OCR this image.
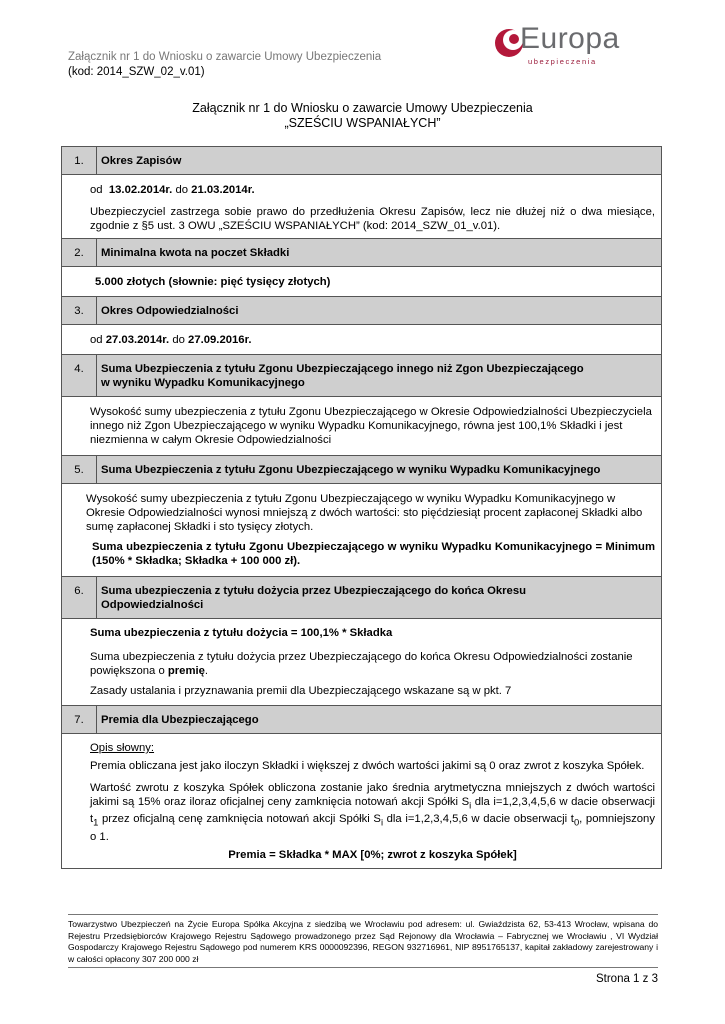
Załącznik nr 1 do Wniosku o zawarcie Umowy Ubezpieczenia
(kod: 2014_SZW_02_v.01)
Europa
ubezpieczenia
Załącznik nr 1 do Wniosku o zawarcie Umowy Ubezpieczenia
„SZEŚCIU WSPANIAŁYCH”
1.	Okres Zapisów

od 13.02.2014r. do 21.03.2014r.

Ubezpieczyciel zastrzega sobie prawo do przedłużenia Okresu Zapisów, lecz nie dłużej niż o dwa miesiące, zgodnie z §5 ust. 3 OWU „SZEŚCIU WSPANIAŁYCH” (kod: 2014_SZW_01_v.01).	

2.	Minimalna kwota na poczet Składki

5.000 złotych (słownie: pięć tysięcy złotych)	

3.	Okres Odpowiedzialności

od 27.03.2014r. do 27.09.2016r.	

4.	Suma Ubezpieczenia z tytułu Zgonu Ubezpieczającego innego niż Zgon Ubezpieczającego
w wyniku Wypadku Komunikacyjnego

Wysokość sumy ubezpieczenia z tytułu Zgonu Ubezpieczającego w Okresie Odpowiedzialności Ubezpieczyciela innego niż Zgon Ubezpieczającego w wyniku Wypadku Komunikacyjnego, równa jest 100,1% Składki i jest niezmienna w całym Okresie Odpowiedzialności	

5.	Suma Ubezpieczenia z tytułu Zgonu Ubezpieczającego w wyniku Wypadku Komunikacyjnego

Wysokość sumy ubezpieczenia z tytułu Zgonu Ubezpieczającego w wyniku Wypadku Komunikacyjnego w Okresie Odpowiedzialności wynosi mniejszą z dwóch wartości: sto pięćdziesiąt procent zapłaconej Składki albo sumę zapłaconej Składki i sto tysięcy złotych.

Suma ubezpieczenia z tytułu Zgonu Ubezpieczającego w wyniku Wypadku Komunikacyjnego = Minimum (150% * Składka; Składka + 100 000 zł).	

6.	Suma ubezpieczenia z tytułu dożycia przez Ubezpieczającego do końca Okresu
Odpowiedzialności

Suma ubezpieczenia z tytułu dożycia = 100,1% * Składka

Suma ubezpieczenia z tytułu dożycia przez Ubezpieczającego do końca Okresu Odpowiedzialności zostanie powiększona o premię.

Zasady ustalania i przyznawania premii dla Ubezpieczającego wskazane są w pkt. 7	

7.	Premia dla Ubezpieczającego

Opis słowny:

Premia obliczana jest jako iloczyn Składki i większej z dwóch wartości jakimi są 0 oraz zwrot z koszyka Spółek.

Wartość zwrotu z koszyka Spółek obliczona zostanie jako średnia arytmetyczna mniejszych z dwóch wartości jakimi są 15% oraz iloraz oficjalnej ceny zamknięcia notowań akcji Spółki $S_i$ dla i=1,2,3,4,5,6 w dacie obserwacji $t_1$ przez oficjalną cenę zamknięcia notowań akcji Spółki $S_i$ dla i=1,2,3,4,5,6 w dacie obserwacji $t_0$, pomniejszony o 1.

Premia = Składka * MAX [0%; zwrot z koszyka Spółek]	

Towarzystwo Ubezpieczeń na Życie Europa Spółka Akcyjna z siedzibą we Wrocławiu pod adresem: ul. Gwiaździsta 62, 53-413 Wrocław, wpisana do Rejestru Przedsiębiorców Krajowego Rejestru Sądowego prowadzonego przez Sąd Rejonowy dla Wrocławia – Fabrycznej we Wrocławiu , VI Wydział Gospodarczy Krajowego Rejestru Sądowego pod numerem KRS 0000092396, REGON 932716961, NIP 8951765137, kapitał zakładowy zarejestrowany i w całości opłacony 307 200 000 zł
Strona 1 z 3
